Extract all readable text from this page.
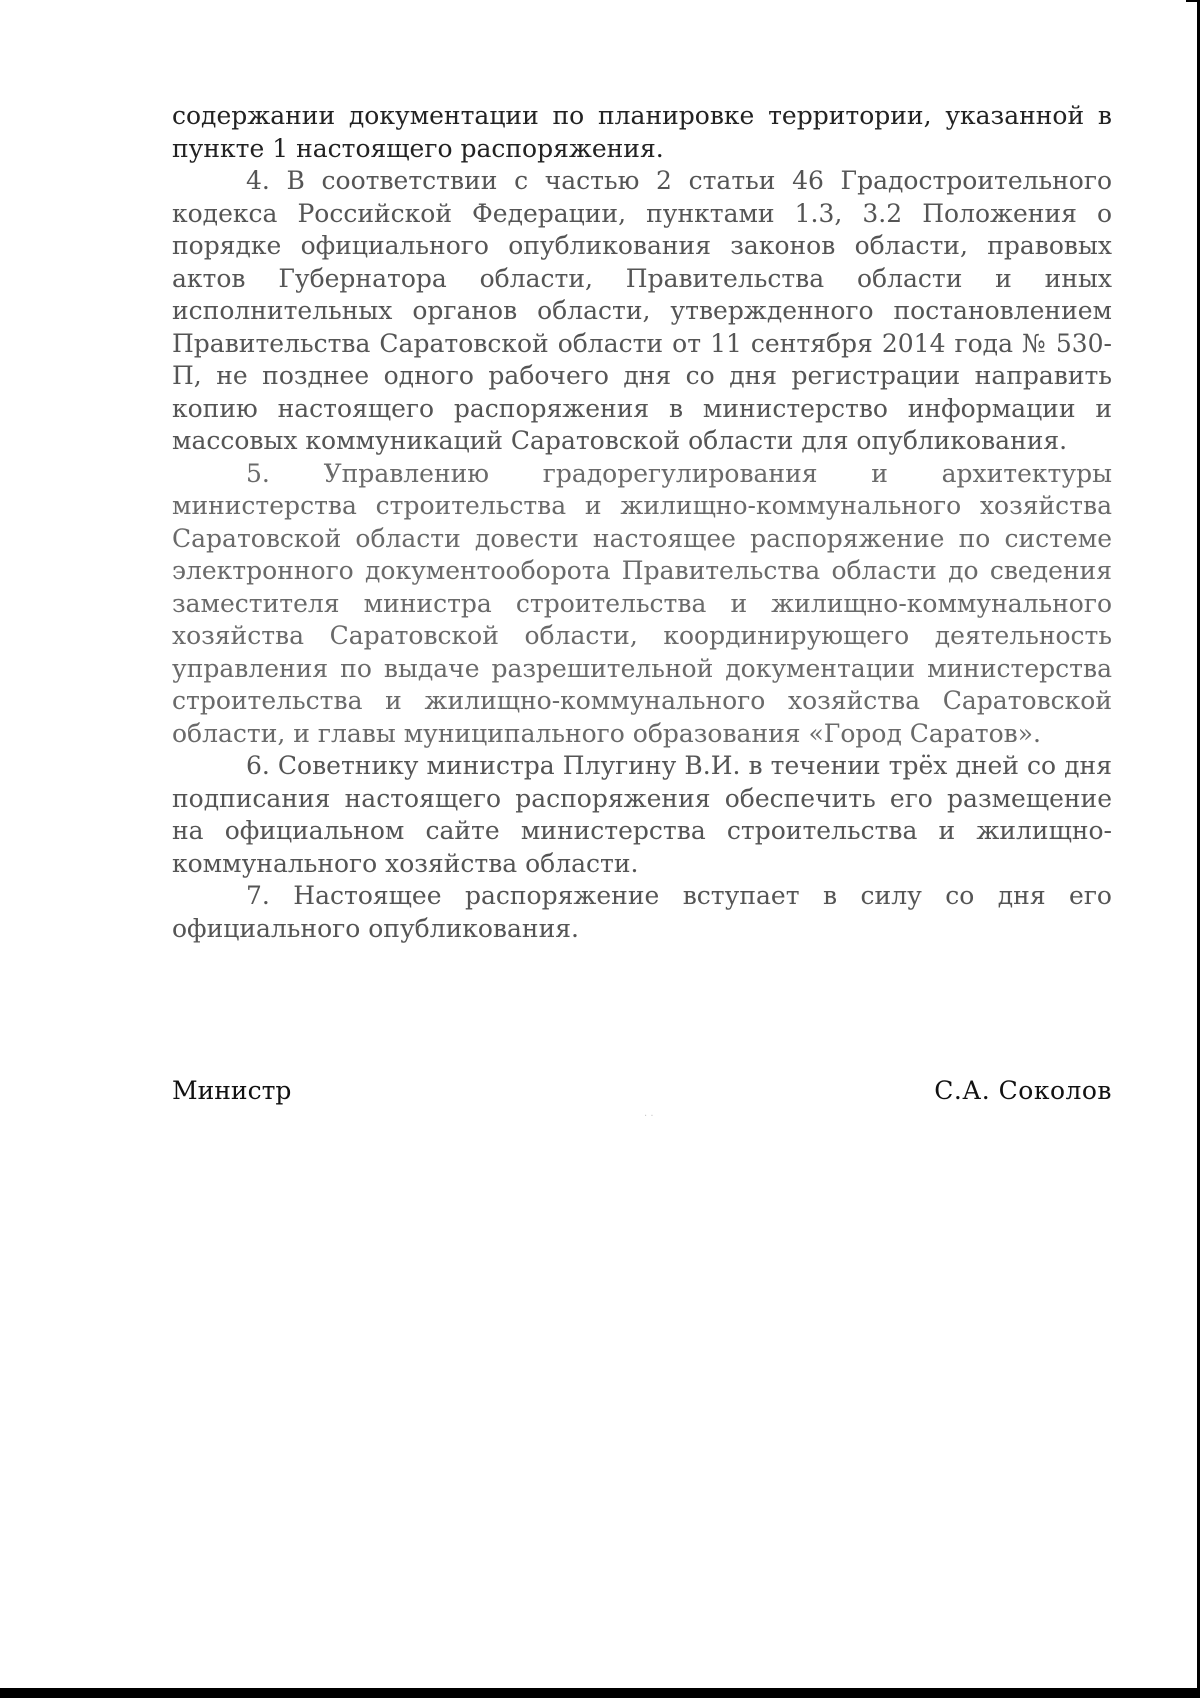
содержании документации по планировке территории, указанной в пункте 1 настоящего распоряжения.

4. В соответствии с частью 2 статьи 46 Градостроительного кодекса Российской Федерации, пунктами 1.3, 3.2 Положения о порядке официального опубликования законов области, правовых актов Губернатора области, Правительства области и иных исполнительных органов области, утвержденного постановлением Правительства Саратовской области от 11 сентября 2014 года № 530-П, не позднее одного рабочего дня со дня регистрации направить копию настоящего распоряжения в министерство информации и массовых коммуникаций Саратовской области для опубликования.

5. Управлению градорегулирования и архитектуры министерства строительства и жилищно-коммунального хозяйства Саратовской области довести настоящее распоряжение по системе электронного документооборота Правительства области до сведения заместителя министра строительства и жилищно-коммунального хозяйства Саратовской области, координирующего деятельность управления по выдаче разрешительной документации министерства строительства и жилищно-коммунального хозяйства Саратовской области, и главы муниципального образования «Город Саратов».

6. Советнику министра Плугину В.И. в течении трёх дней со дня подписания настоящего распоряжения обеспечить его размещение на официальном сайте министерства строительства и жилищно-коммунального хозяйства области.

7. Настоящее распоряжение вступает в силу со дня его официального опубликования.

Министр	С.А. Соколов
· ·
